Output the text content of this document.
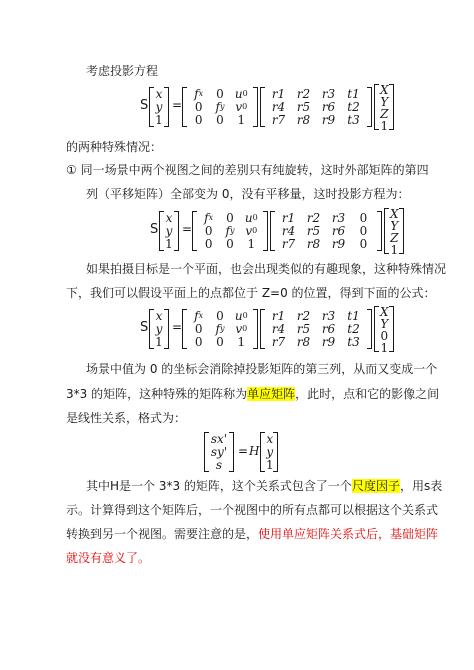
考虑投影方程
S
x
y
1
=
f x	0 u 0
0	f y v 0
0	0	1
r1 r2 r3	t1
r4 r5 r6	t2
r7 r8 r9	t3
X
Y
Z
1
的两种特殊情况：
① 同一场景中两个视图之间的差别只有纯旋转，这时外部矩阵的第四
列（平移矩阵）全部变为 0，没有平移量，这时投影方程为：
S
x
y
1
=
f x	0 u 0
0	f y v 0
0	0	1
r1 r2 r3	0
r4 r5 r6	0
r7 r8 r9	0
X
Y
Z
1
如果拍摄目标是一个平面，也会出现类似的有趣现象，这种特殊情况
下，我们可以假设平面上的点都位于 Z=0 的位置，得到下面的公式：
S
x
y
1
=
f x	0 u 0
0	f y v 0
0	0	1
r1 r2 r3	t1
r4 r5 r6	t2
r7 r8 r9	t3
X
Y
0
1
场景中值为 0 的坐标会消除掉投影矩阵的第三列，从而又变成一个
3*3 的矩阵，这种特殊的矩阵称为单应矩阵，此时，点和它的影像之间
是线性关系，格式为：
sx'
sy'
s
= H
x
y
1
其中H是一个 3*3 的矩阵，这个关系式包含了一个尺度因子，用s表
示。计算得到这个矩阵后，一个视图中的所有点都可以根据这个关系式
转换到另一个视图。需要注意的是，使用单应矩阵关系式后，基础矩阵
就没有意义了。
